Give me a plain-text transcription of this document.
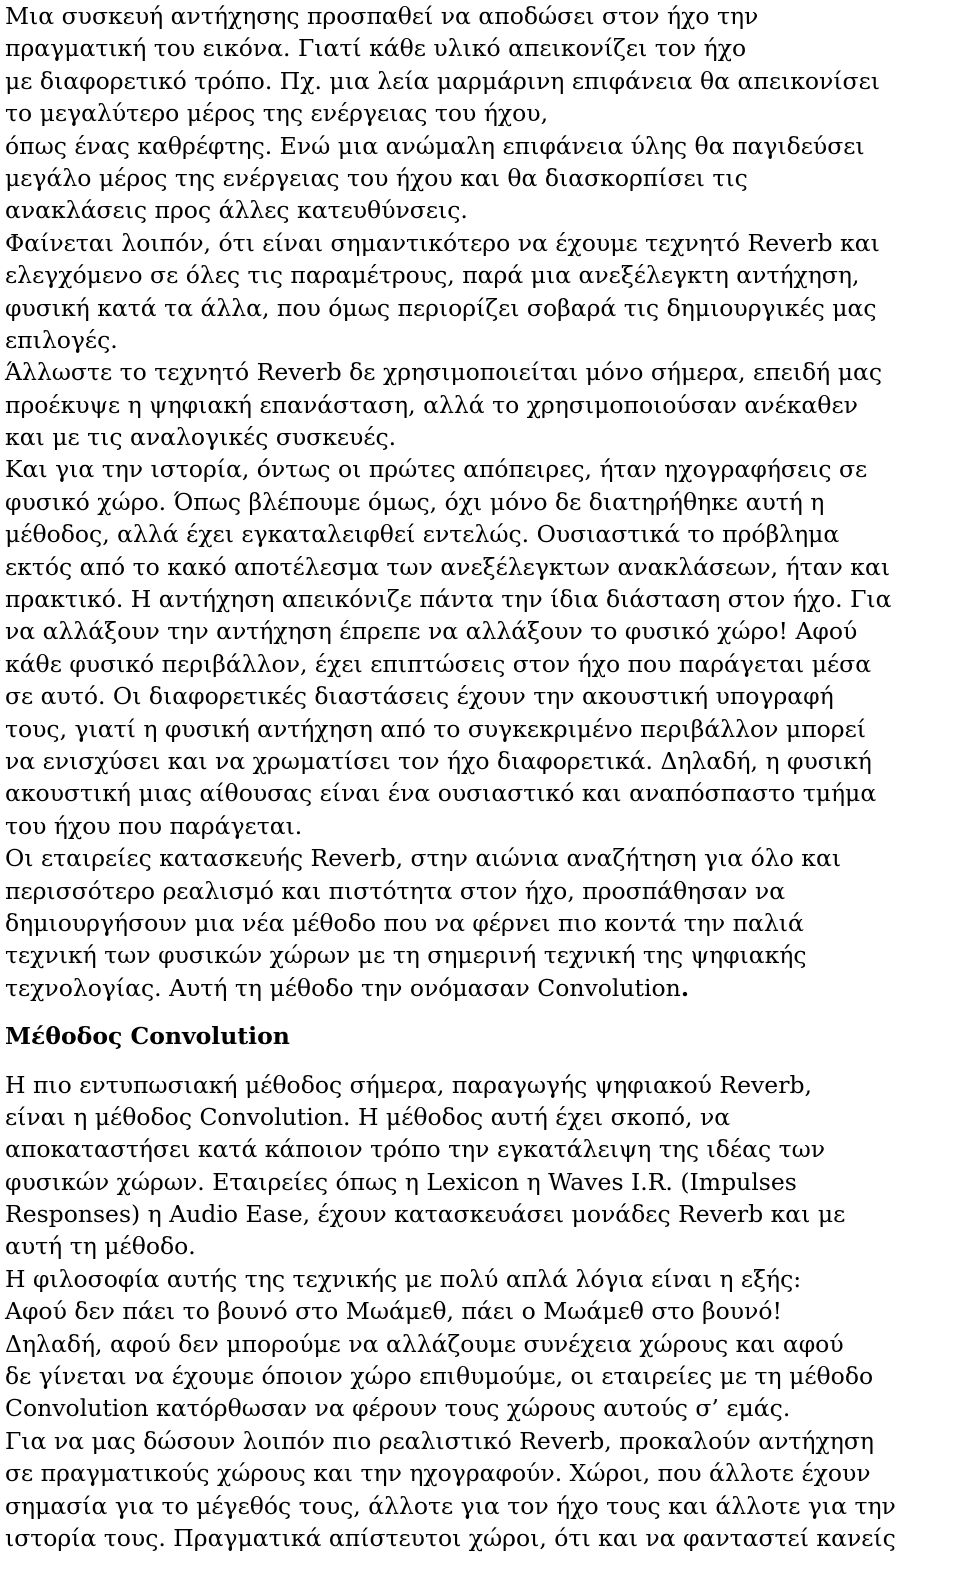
Μια συσκευή αντήχησης προσπαθεί να αποδώσει στον ήχο την
πραγματική του εικόνα. Γιατί κάθε υλικό απεικονίζει τον ήχο
με διαφορετικό τρόπο. Πχ. μια λεία μαρμάρινη επιφάνεια θα απεικονίσει
το μεγαλύτερο μέρος της ενέργειας του ήχου,
όπως ένας καθρέφτης. Ενώ μια ανώμαλη επιφάνεια ύλης θα παγιδεύσει
μεγάλο μέρος της ενέργειας του ήχου και θα διασκορπίσει τις
ανακλάσεις προς άλλες κατευθύνσεις.
Φαίνεται λοιπόν, ότι είναι σημαντικότερο να έχουμε τεχνητό Reverb και
ελεγχόμενο σε όλες τις παραμέτρους, παρά μια ανεξέλεγκτη αντήχηση,
φυσική κατά τα άλλα, που όμως περιορίζει σοβαρά τις δημιουργικές μας
επιλογές.
Άλλωστε το τεχνητό Reverb δε χρησιμοποιείται μόνο σήμερα, επειδή μας
προέκυψε η ψηφιακή επανάσταση, αλλά το χρησιμοποιούσαν ανέκαθεν
και με τις αναλογικές συσκευές.
Και για την ιστορία, όντως οι πρώτες απόπειρες, ήταν ηχογραφήσεις σε
φυσικό χώρο. Όπως βλέπουμε όμως, όχι μόνο δε διατηρήθηκε αυτή η
μέθοδος, αλλά έχει εγκαταλειφθεί εντελώς. Ουσιαστικά το πρόβλημα
εκτός από το κακό αποτέλεσμα των ανεξέλεγκτων ανακλάσεων, ήταν και
πρακτικό. Η αντήχηση απεικόνιζε πάντα την ίδια διάσταση στον ήχο. Για
να αλλάξουν την αντήχηση έπρεπε να αλλάξουν το φυσικό χώρο! Αφού
κάθε φυσικό περιβάλλον, έχει επιπτώσεις στον ήχο που παράγεται μέσα
σε αυτό. Οι διαφορετικές διαστάσεις έχουν την ακουστική υπογραφή
τους, γιατί η φυσική αντήχηση από το συγκεκριμένο περιβάλλον μπορεί
να ενισχύσει και να χρωματίσει τον ήχο διαφορετικά. Δηλαδή, η φυσική
ακουστική μιας αίθουσας είναι ένα ουσιαστικό και αναπόσπαστο τμήμα
του ήχου που παράγεται.
Οι εταιρείες κατασκευής Reverb, στην αιώνια αναζήτηση για όλο και
περισσότερο ρεαλισμό και πιστότητα στον ήχο, προσπάθησαν να
δημιουργήσουν μια νέα μέθοδο που να φέρνει πιο κοντά την παλιά
τεχνική των φυσικών χώρων με τη σημερινή τεχνική της ψηφιακής
τεχνολογίας. Αυτή τη μέθοδο την ονόμασαν Convolution.
Μέθοδος Convolution
Η πιο εντυπωσιακή μέθοδος σήμερα, παραγωγής ψηφιακού Reverb,
είναι η μέθοδος Convolution. Η μέθοδος αυτή έχει σκοπό, να
αποκαταστήσει κατά κάποιον τρόπο την εγκατάλειψη της ιδέας των
φυσικών χώρων. Εταιρείες όπως η Lexicon η Waves I.R. (Impulses
Responses) η Audio Ease, έχουν κατασκευάσει μονάδες Reverb και με
αυτή τη μέθοδο.
Η φιλοσοφία αυτής της τεχνικής με πολύ απλά λόγια είναι η εξής:
Αφού δεν πάει το βουνό στο Μωάμεθ, πάει ο Μωάμεθ στο βουνό!
Δηλαδή, αφού δεν μπορούμε να αλλάζουμε συνέχεια χώρους και αφού
δε γίνεται να έχουμε όποιον χώρο επιθυμούμε, οι εταιρείες με τη μέθοδο
Convolution κατόρθωσαν να φέρουν τους χώρους αυτούς σ’ εμάς.
Για να μας δώσουν λοιπόν πιο ρεαλιστικό Reverb, προκαλούν αντήχηση
σε πραγματικούς χώρους και την ηχογραφούν. Χώροι, που άλλοτε έχουν
σημασία για το μέγεθός τους, άλλοτε για τον ήχο τους και άλλοτε για την
ιστορία τους. Πραγματικά απίστευτοι χώροι, ότι και να φανταστεί κανείς
